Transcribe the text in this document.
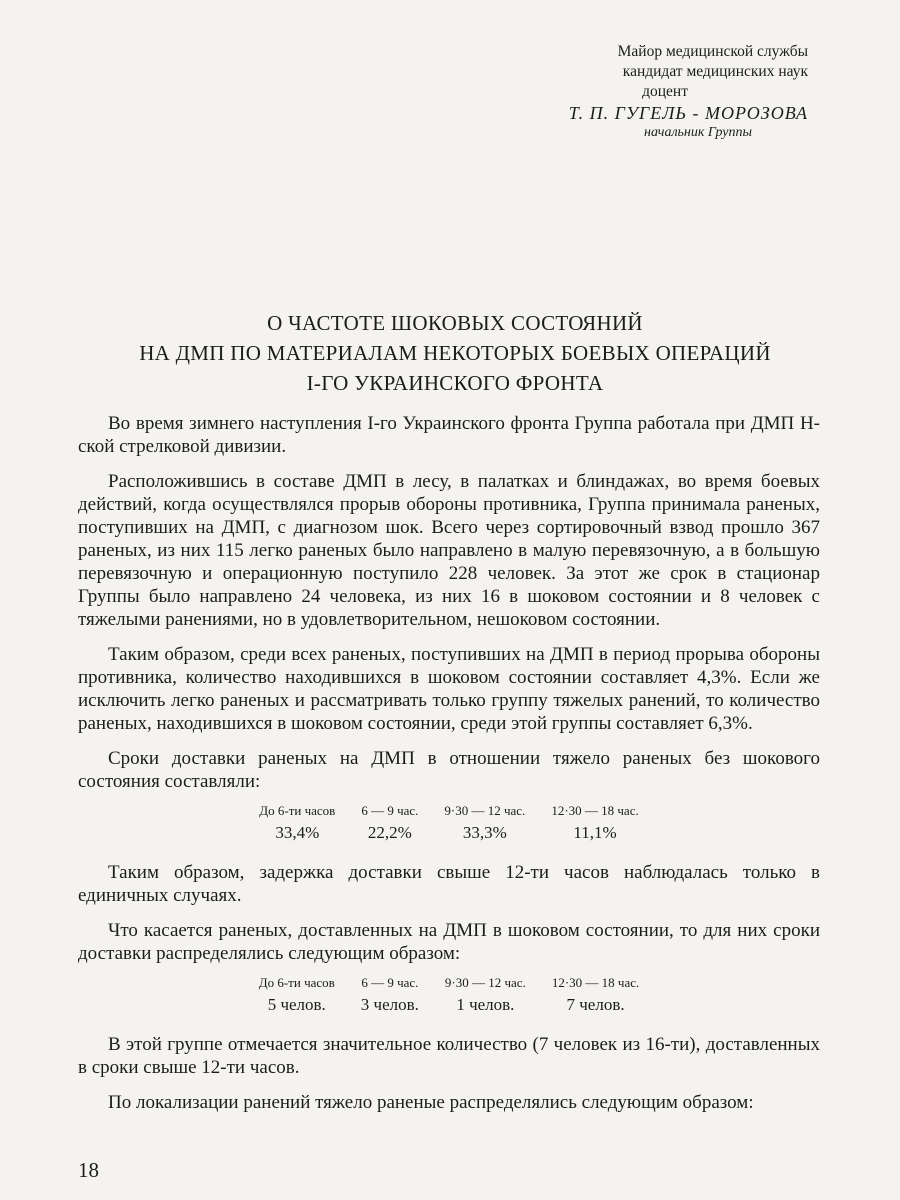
Майор медицинской службы
кандидат медицинских наук
доцент
Т. П. ГУГЕЛЬ - МОРОЗОВА
начальник Группы
О ЧАСТОТЕ ШОКОВЫХ СОСТОЯНИЙ
НА ДМП ПО МАТЕРИАЛАМ НЕКОТОРЫХ БОЕВЫХ ОПЕРАЦИЙ
І-ГО УКРАИНСКОГО ФРОНТА

Во время зимнего наступления І-го Украинского фронта Группа работала при ДМП Н-ской стрелковой дивизии.

Расположившись в составе ДМП в лесу, в палатках и блиндажах, во время боевых действий, когда осуществлялся прорыв обороны противника, Группа принимала раненых, поступивших на ДМП, с диагнозом шок. Всего через сортировочный взвод прошло 367 раненых, из них 115 легко раненых было направлено в малую перевязочную, а в большую перевязочную и операционную поступило 228 человек. За этот же срок в стационар Группы было направлено 24 человека, из них 16 в шоковом состоянии и 8 человек с тяжелыми ранениями, но в удовлетворительном, нешоковом состоянии.

Таким образом, среди всех раненых, поступивших на ДМП в период прорыва обороны противника, количество находившихся в шоковом состоянии составляет 4,3%. Если же исключить легко раненых и рассматривать только группу тяжелых ранений, то количество раненых, находившихся в шоковом состоянии, среди этой группы составляет 6,3%.

Сроки доставки раненых на ДМП в отношении тяжело раненых без шокового состояния составляли:

До 6-ти часов
33,4%
6 — 9 час.
22,2%
9·30 — 12 час.
33,3%
12·30 — 18 час.
11,1%

Таким образом, задержка доставки свыше 12-ти часов наблюдалась только в единичных случаях.

Что касается раненых, доставленных на ДМП в шоковом состоянии, то для них сроки доставки распределялись следующим образом:

До 6-ти часов
5 челов.
6 — 9 час.
3 челов.
9·30 — 12 час.
1 челов.
12·30 — 18 час.
7 челов.

В этой группе отмечается значительное количество (7 человек из 16-ти), доставленных в сроки свыше 12-ти часов.

По локализации ранений тяжело раненые распределялись следующим образом:

18
